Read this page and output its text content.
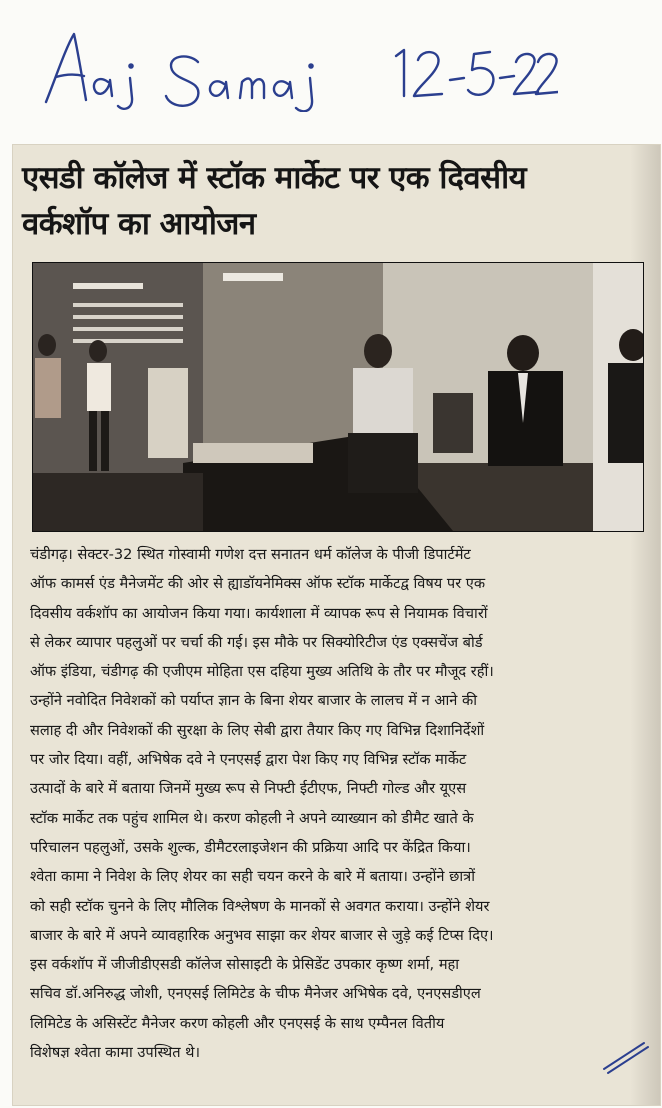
एसडी कॉलेज में स्टॉक मार्केट पर एक दिवसीय
वर्कशॉप का आयोजन
चंडीगढ़। सेक्टर-32 स्थित गोस्वामी गणेश दत्त सनातन धर्म कॉलेज के पीजी डिपार्टमेंट
ऑफ कामर्स एंड मैनेजमेंट की ओर से ह्याडॉयनेमिक्स ऑफ स्टॉक मार्केटद्व विषय पर एक
दिवसीय वर्कशॉप का आयोजन किया गया। कार्यशाला में व्यापक रूप से नियामक विचारों
से लेकर व्यापार पहलुओं पर चर्चा की गई। इस मौके पर सिक्योरिटीज एंड एक्सचेंज बोर्ड
ऑफ इंडिया, चंडीगढ़ की एजीएम मोहिता एस दहिया मुख्य अतिथि के तौर पर मौजूद रहीं।
उन्होंने नवोदित निवेशकों को पर्याप्त ज्ञान के बिना शेयर बाजार के लालच में न आने की
सलाह दी और निवेशकों की सुरक्षा के लिए सेबी द्वारा तैयार किए गए विभिन्न दिशानिर्देशों
पर जोर दिया। वहीं, अभिषेक दवे ने एनएसई द्वारा पेश किए गए विभिन्न स्टॉक मार्केट
उत्पादों के बारे में बताया जिनमें मुख्य रूप से निफ्टी ईटीएफ, निफ्टी गोल्ड और यूएस
स्टॉक मार्केट तक पहुंच शामिल थे। करण कोहली ने अपने व्याख्यान को डीमैट खाते के
परिचालन पहलुओं, उसके शुल्क, डीमैटरलाइजेशन की प्रक्रिया आदि पर केंद्रित किया।
श्वेता कामा ने निवेश के लिए शेयर का सही चयन करने के बारे में बताया। उन्होंने छात्रों
को सही स्टॉक चुनने के लिए मौलिक विश्लेषण के मानकों से अवगत कराया। उन्होंने शेयर
बाजार के बारे में अपने व्यावहारिक अनुभव साझा कर शेयर बाजार से जुड़े कई टिप्स दिए।
इस वर्कशॉप में जीजीडीएसडी कॉलेज सोसाइटी के प्रेसिडेंट उपकार कृष्ण शर्मा, महा
सचिव डॉ.अनिरुद्ध जोशी, एनएसई लिमिटेड के चीफ मैनेजर अभिषेक दवे, एनएसडीएल
लिमिटेड के असिस्टेंट मैनेजर करण कोहली और एनएसई के साथ एम्पैनल वितीय
विशेषज्ञ श्वेता कामा उपस्थित थे।
